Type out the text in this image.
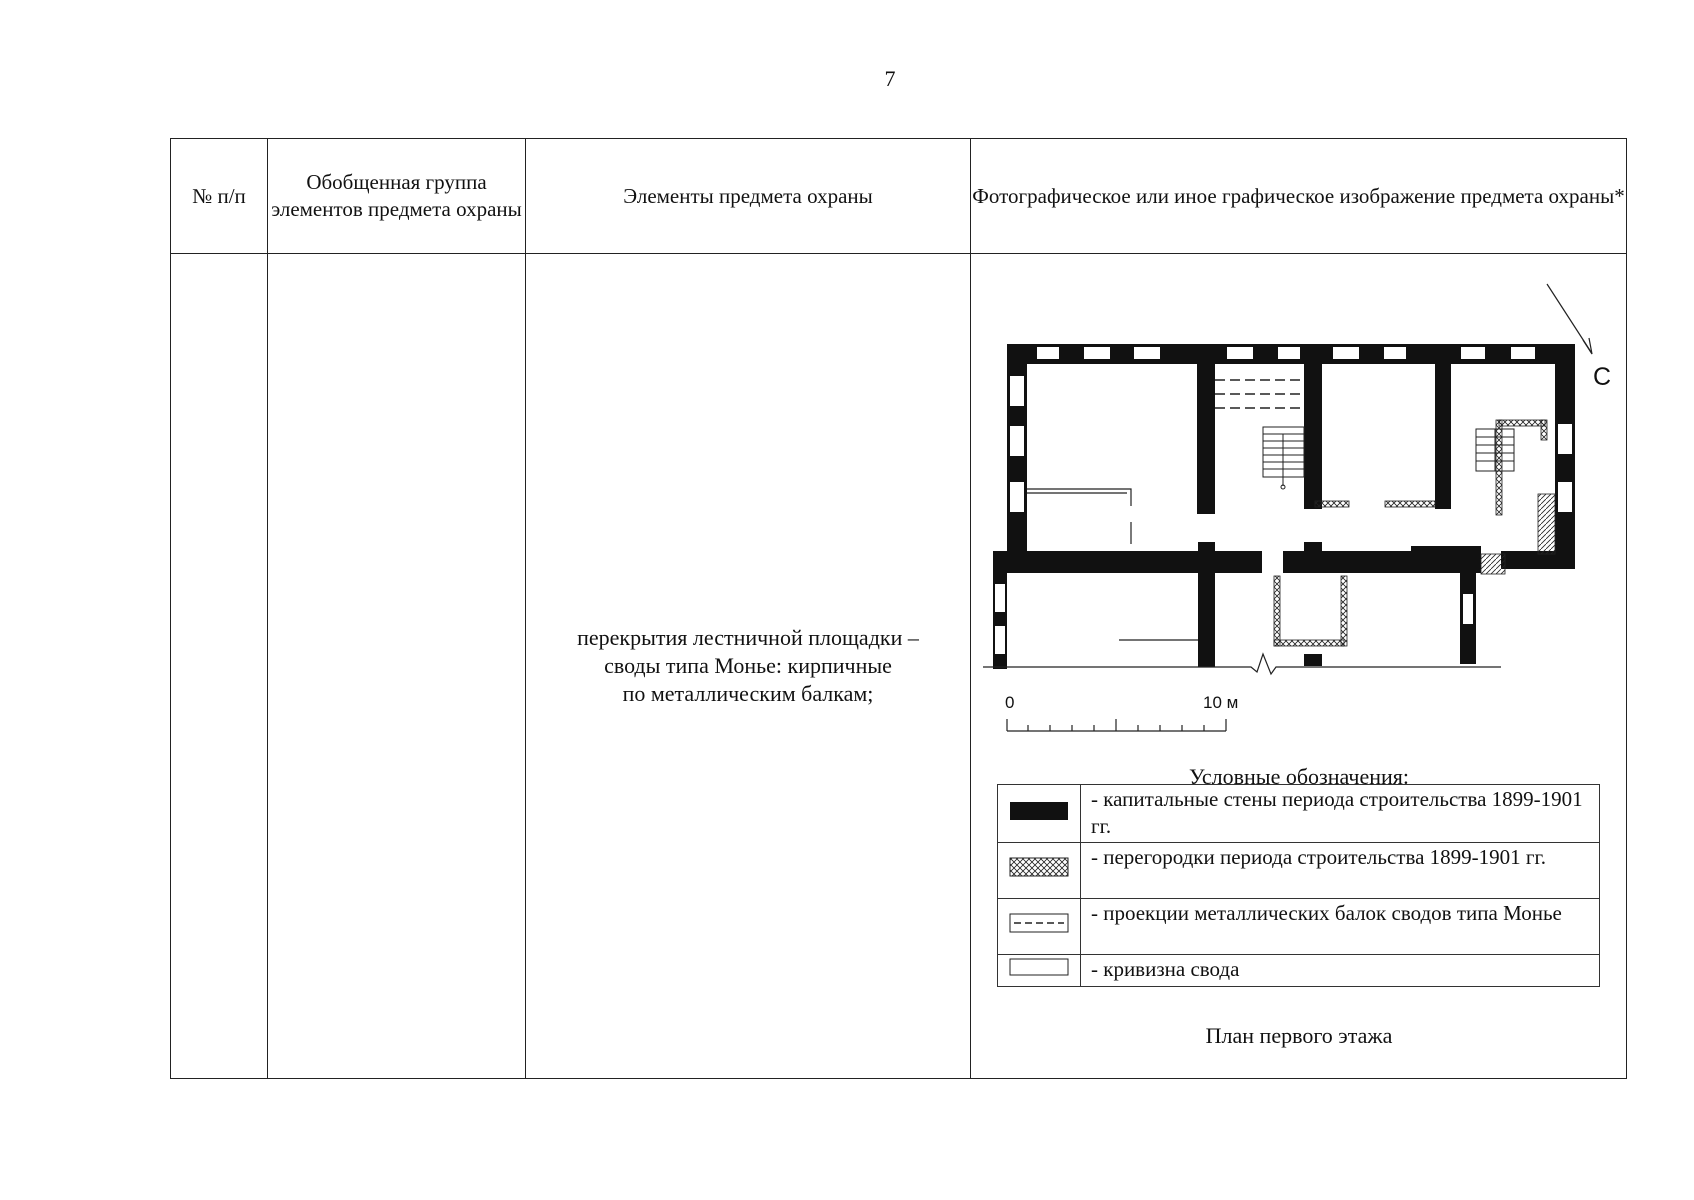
7
№ п/п	Обобщенная группа элементов предмета охраны	Элементы предмета охраны	Фотографическое или иное графическое изображение предмета охраны*

перекрытия лестничной площадки –
своды типа Монье: кирпичные
по металлическим балкам;

С
0	10 м
Условные обозначения:
	- капитальные стены периода строительства 1899-1901 гг.
	- перегородки периода строительства 1899-1901 гг.
	- проекции металлических балок сводов типа Монье
	- кривизна свода
План первого этажа
